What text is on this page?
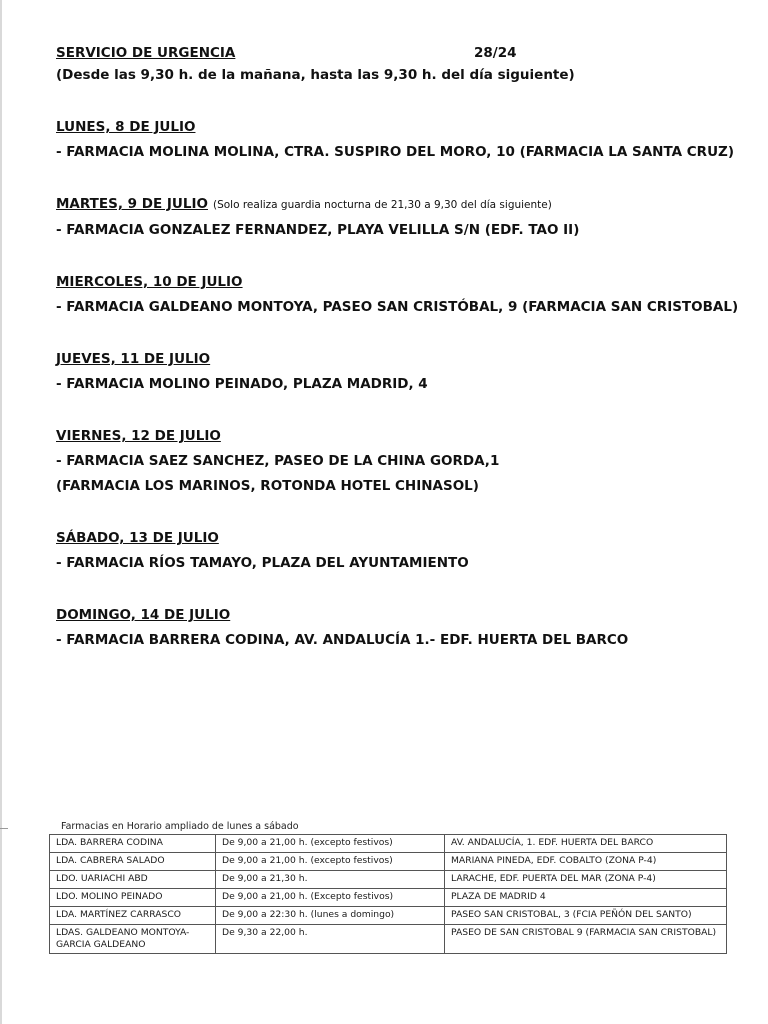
SERVICIO DE URGENCIA	28/24
(Desde las 9,30 h. de la mañana, hasta las 9,30 h. del día siguiente)
LUNES, 8 DE JULIO
- FARMACIA MOLINA MOLINA, CTRA. SUSPIRO DEL MORO, 10 (FARMACIA LA SANTA CRUZ)
MARTES, 9 DE JULIO (Solo realiza guardia nocturna de 21,30 a 9,30 del día siguiente)
- FARMACIA GONZALEZ FERNANDEZ, PLAYA VELILLA S/N (EDF. TAO II)
MIERCOLES, 10 DE JULIO
- FARMACIA GALDEANO MONTOYA, PASEO SAN CRISTÓBAL, 9 (FARMACIA SAN CRISTOBAL)
JUEVES, 11 DE JULIO
- FARMACIA MOLINO PEINADO, PLAZA MADRID, 4
VIERNES, 12 DE JULIO
- FARMACIA SAEZ SANCHEZ, PASEO DE LA CHINA GORDA,1
(FARMACIA LOS MARINOS, ROTONDA HOTEL CHINASOL)
SÁBADO, 13 DE JULIO
- FARMACIA RÍOS TAMAYO, PLAZA DEL AYUNTAMIENTO
DOMINGO, 14 DE JULIO
- FARMACIA BARRERA CODINA, AV. ANDALUCÍA 1.- EDF. HUERTA DEL BARCO
Farmacias en Horario ampliado de lunes a sábado
LDA. BARRERA CODINA	De 9,00 a 21,00 h. (excepto festivos)	AV. ANDALUCÍA, 1. EDF. HUERTA DEL BARCO
LDA. CABRERA SALADO	De 9,00 a 21,00 h. (excepto festivos)	MARIANA PINEDA, EDF. COBALTO (ZONA P-4)
LDO. UARIACHI ABD	De 9,00 a 21,30 h.	LARACHE, EDF. PUERTA DEL MAR (ZONA P-4)
LDO. MOLINO PEINADO	De 9,00 a 21,00 h. (Excepto festivos)	PLAZA DE MADRID 4
LDA. MARTÍNEZ CARRASCO	De 9,00 a 22:30 h. (lunes a domingo)	PASEO SAN CRISTOBAL, 3 (FCIA PEÑÓN DEL SANTO)
LDAS. GALDEANO MONTOYA- GARCIA GALDEANO	De 9,30 a 22,00 h.	PASEO DE SAN CRISTOBAL 9 (FARMACIA SAN CRISTOBAL)
